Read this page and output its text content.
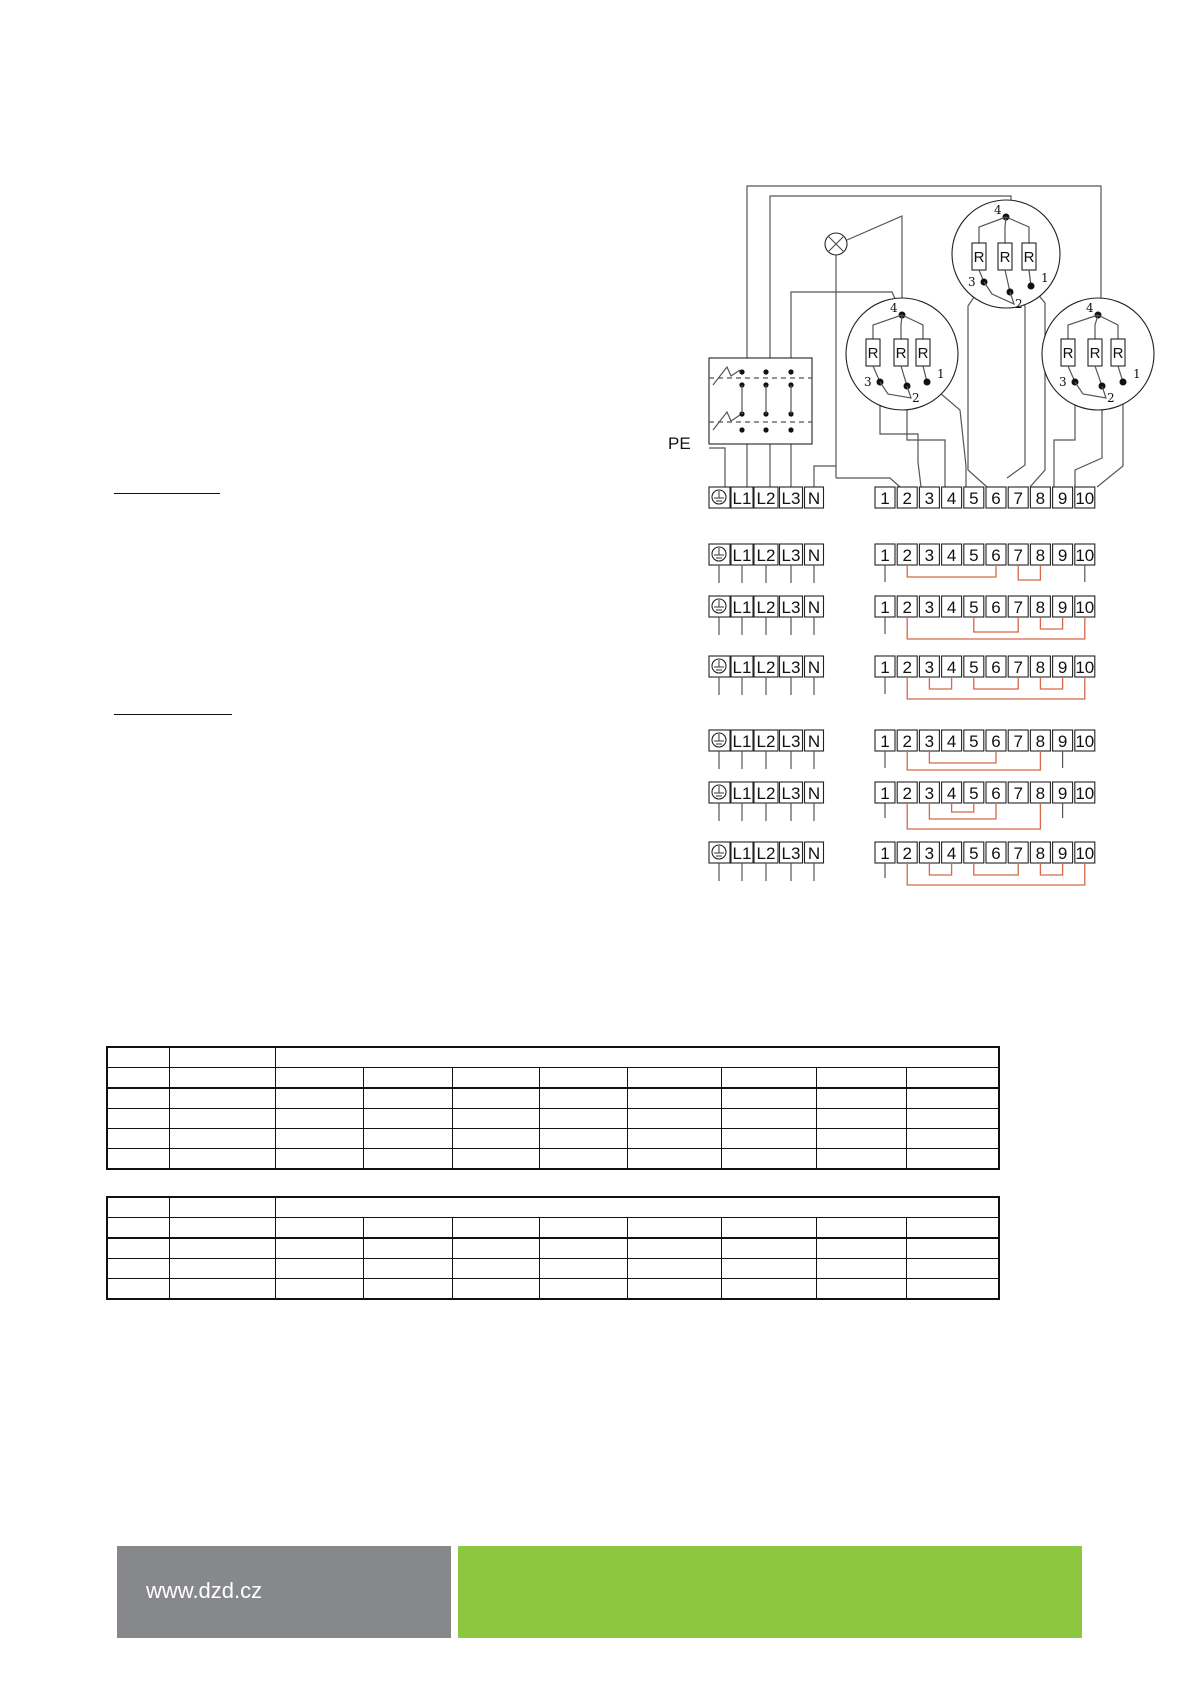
4
R R R
3
2
1
4
R R R
3
2
1
4
R R R
3
2
1
L1 L2 L3 N	1 2 3 4 5 6 7 8 9 10
L1 L2 L3 N	1 2 3 4 5 6 7 8 9 10
L1 L2 L3 N	1 2 3 4 5 6 7 8 9 10
L1 L2 L3 N	1 2 3 4 5 6 7 8 9 10
L1 L2 L3 N	1 2 3 4 5 6 7 8 9 10
L1 L2 L3 N	1 2 3 4 5 6 7 8 9 10
L1 L2 L3 N	1 2 3 4 5 6 7 8 9 10
PE

www.dzd.cz
